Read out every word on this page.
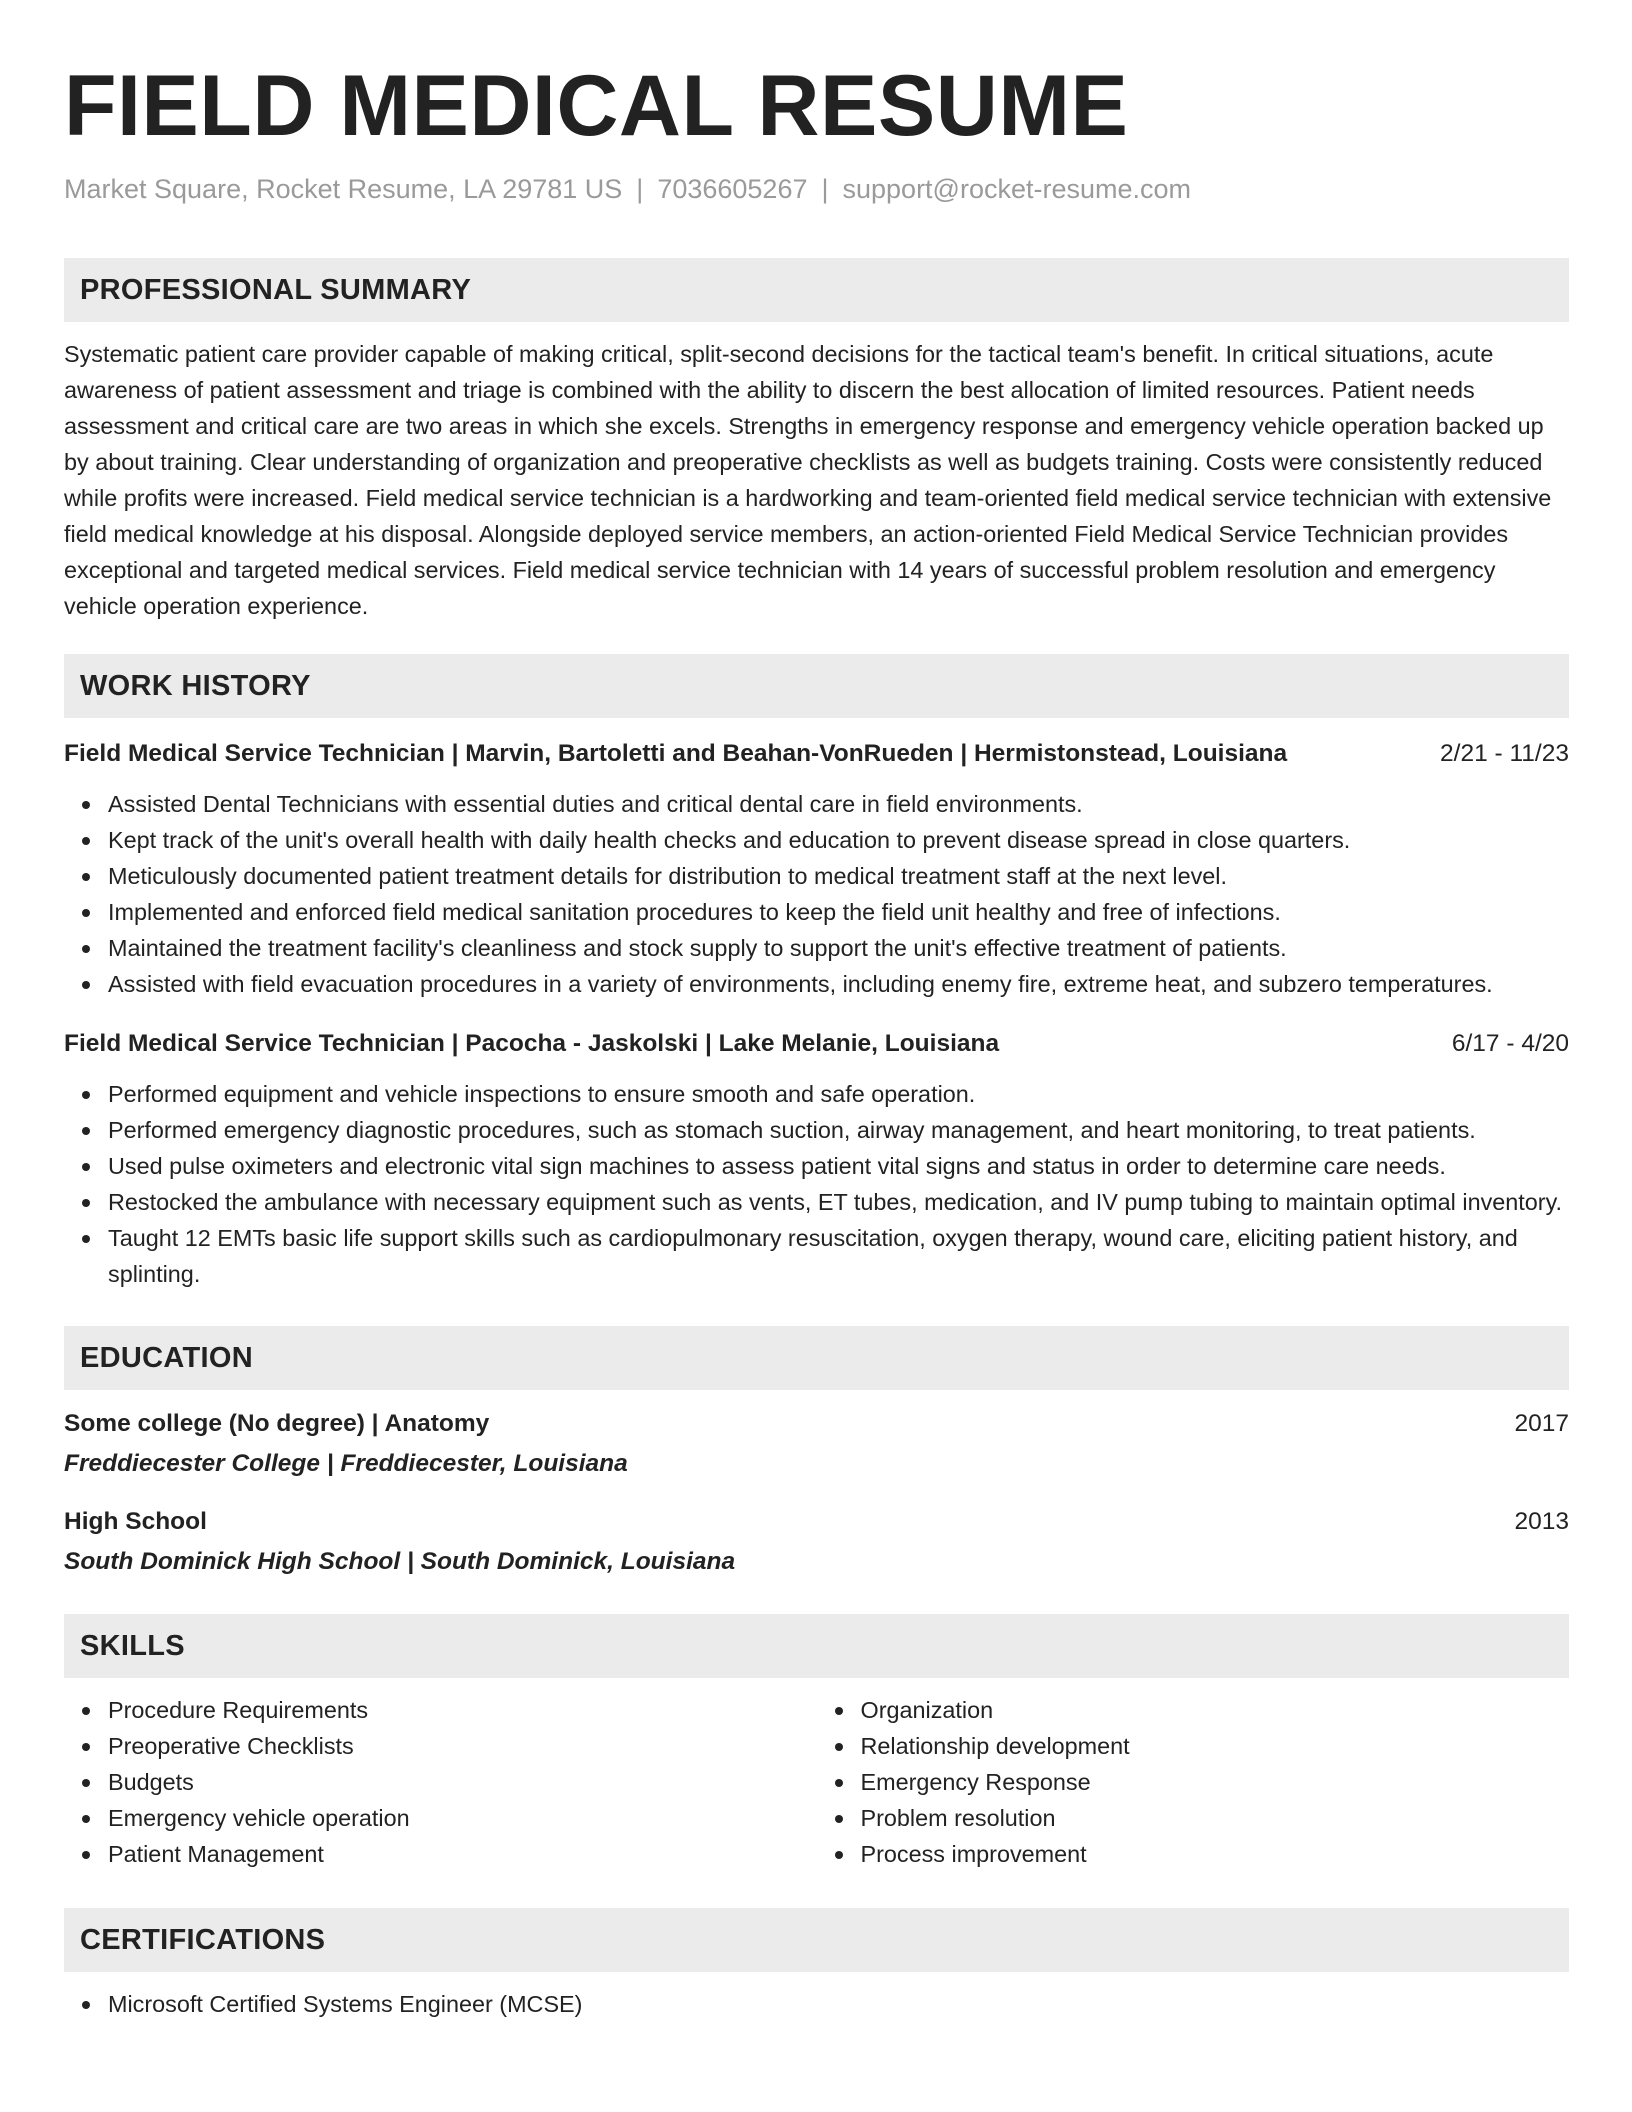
FIELD MEDICAL RESUME
Market Square, Rocket Resume, LA 29781 US | 7036605267 | support@rocket-resume.com
PROFESSIONAL SUMMARY

Systematic patient care provider capable of making critical, split-second decisions for the tactical team's benefit. In critical situations, acute awareness of patient assessment and triage is combined with the ability to discern the best allocation of limited resources. Patient needs assessment and critical care are two areas in which she excels. Strengths in emergency response and emergency vehicle operation backed up by about training. Clear understanding of organization and preoperative checklists as well as budgets training. Costs were consistently reduced while profits were increased. Field medical service technician is a hardworking and team-oriented field medical service technician with extensive field medical knowledge at his disposal. Alongside deployed service members, an action-oriented Field Medical Service Technician provides exceptional and targeted medical services. Field medical service technician with 14 years of successful problem resolution and emergency vehicle operation experience.

WORK HISTORY
Field Medical Service Technician | Marvin, Bartoletti and Beahan-VonRueden | Hermistonstead, Louisiana	2/21 - 11/23
Assisted Dental Technicians with essential duties and critical dental care in field environments.
Kept track of the unit's overall health with daily health checks and education to prevent disease spread in close quarters.
Meticulously documented patient treatment details for distribution to medical treatment staff at the next level.
Implemented and enforced field medical sanitation procedures to keep the field unit healthy and free of infections.
Maintained the treatment facility's cleanliness and stock supply to support the unit's effective treatment of patients.
Assisted with field evacuation procedures in a variety of environments, including enemy fire, extreme heat, and subzero temperatures.
Field Medical Service Technician | Pacocha - Jaskolski | Lake Melanie, Louisiana	6/17 - 4/20
Performed equipment and vehicle inspections to ensure smooth and safe operation.
Performed emergency diagnostic procedures, such as stomach suction, airway management, and heart monitoring, to treat patients.
Used pulse oximeters and electronic vital sign machines to assess patient vital signs and status in order to determine care needs.
Restocked the ambulance with necessary equipment such as vents, ET tubes, medication, and IV pump tubing to maintain optimal inventory.
Taught 12 EMTs basic life support skills such as cardiopulmonary resuscitation, oxygen therapy, wound care, eliciting patient history, and splinting.
EDUCATION
Some college (No degree) | Anatomy	2017
Freddiecester College | Freddiecester, Louisiana
High School	2013
South Dominick High School | South Dominick, Louisiana
SKILLS
Procedure Requirements
Preoperative Checklists
Budgets
Emergency vehicle operation
Patient Management
Organization
Relationship development
Emergency Response
Problem resolution
Process improvement
CERTIFICATIONS
Microsoft Certified Systems Engineer (MCSE)
